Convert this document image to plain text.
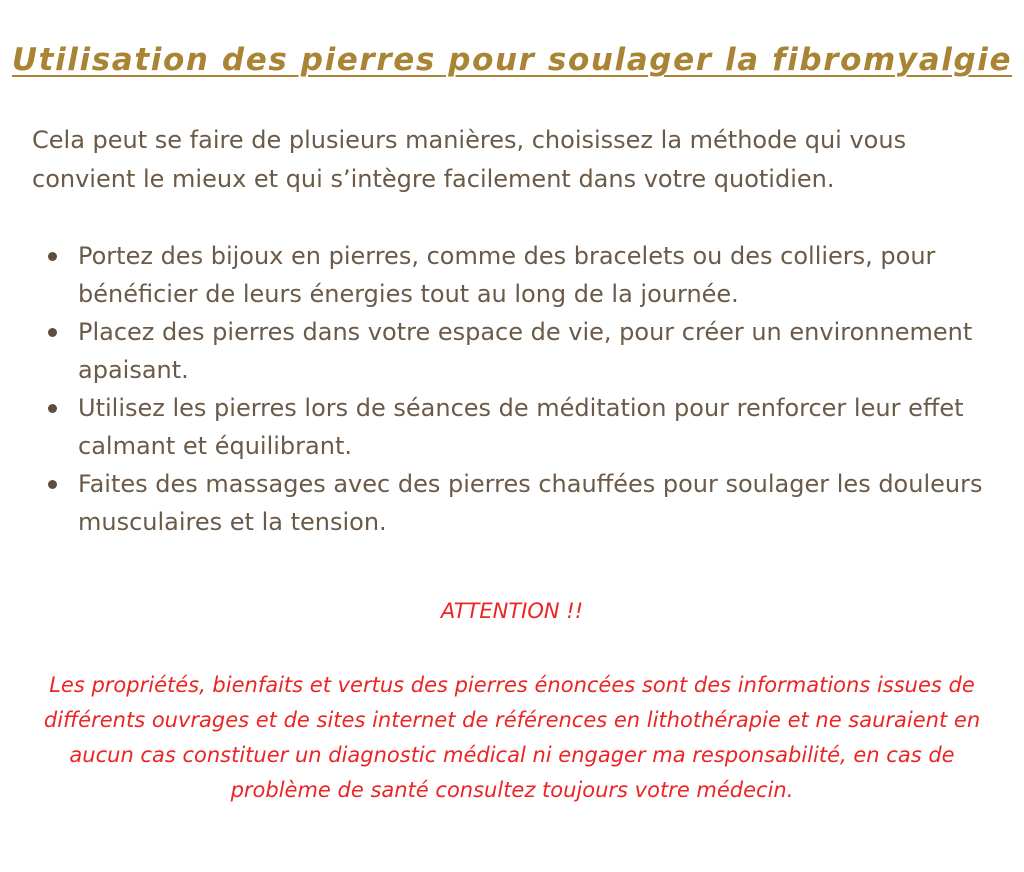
Utilisation des pierres pour soulager la fibromyalgie

Cela peut se faire de plusieurs manières, choisissez la méthode qui vous convient le mieux et qui s’intègre facilement dans votre quotidien.

Portez des bijoux en pierres, comme des bracelets ou des colliers, pour bénéficier de leurs énergies tout au long de la journée.
Placez des pierres dans votre espace de vie, pour créer un environnement apaisant.
Utilisez les pierres lors de séances de méditation pour renforcer leur effet calmant et équilibrant.
Faites des massages avec des pierres chauffées pour soulager les douleurs musculaires et la tension.

ATTENTION !!

Les propriétés, bienfaits et vertus des pierres énoncées sont des informations issues de différents ouvrages et de sites internet de références en lithothérapie et ne sauraient en aucun cas constituer un diagnostic médical ni engager ma responsabilité, en cas de problème de santé consultez toujours votre médecin.
